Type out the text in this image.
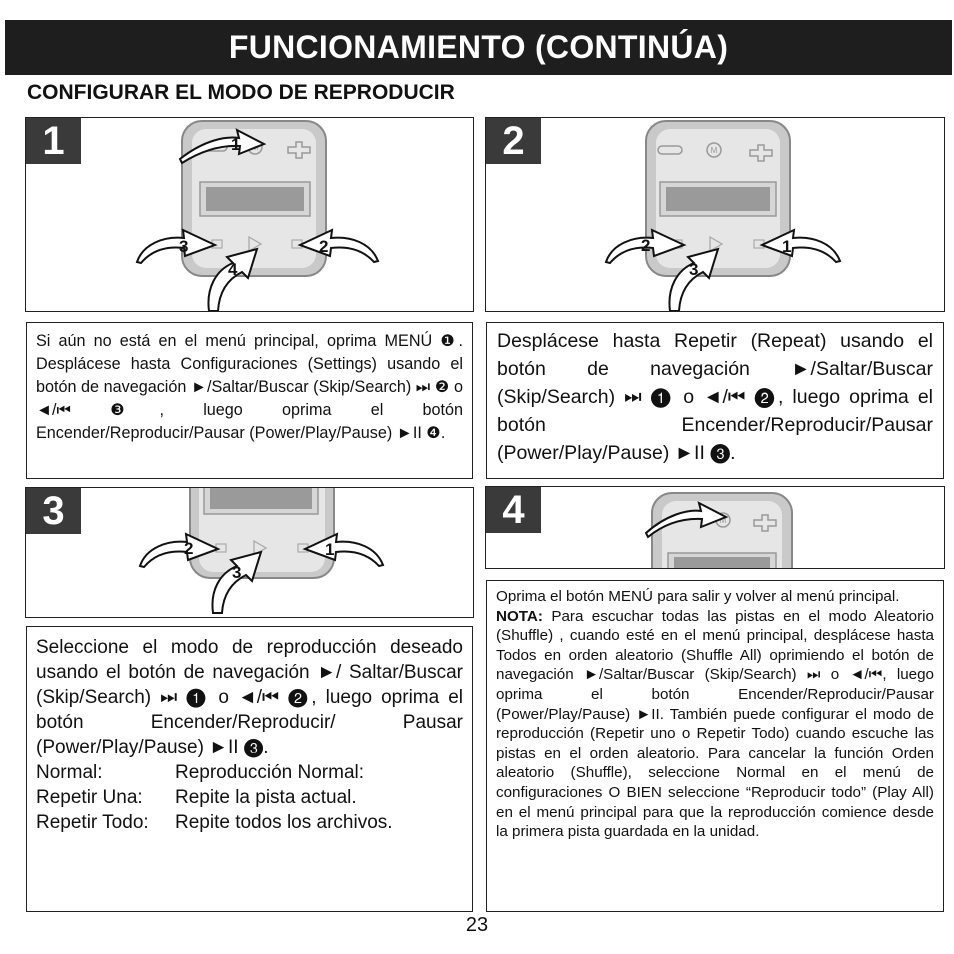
FUNCIONAMIENTO (CONTINÚA)
CONFIGURAR EL MODO DE REPRODUCIR
1	1
2
3
4
2	M
1
2
3
3
1
2
3
4	M

Si aún no está en el menú principal, oprima MENÚ ❶. Desplácese hasta Configuraciones (Settings) usando el botón de navegación ►/Saltar/Buscar (Skip/Search) ⏭ ❷ o ◄/⏮ ❸, luego oprima el botón Encender/Reproducir/Pausar (Power/Play/Pause) ►II ❹.

Desplácese hasta Repetir (Repeat) usando el botón de navegación ►/Saltar/Buscar (Skip/Search) ⏭ ❶ o ◄/⏮ ❷, luego oprima el botón Encender/Reproducir/Pausar (Power/Play/Pause) ►II ❸.

Seleccione el modo de reproducción deseado usando el botón de navegación ►/ Saltar/Buscar (Skip/Search) ⏭ ❶ o ◄/⏮ ❷, luego oprima el botón Encender/Reproducir/ Pausar (Power/Play/Pause) ►II ❸.

Normal:	Reproducción Normal:
Repetir Una:	Repite la pista actual.
Repetir Todo:	Repite todos los archivos.

Oprima el botón MENÚ para salir y volver al menú principal.

NOTA: Para escuchar todas las pistas en el modo Aleatorio (Shuffle) , cuando esté en el menú principal, desplácese hasta Todos en orden aleatorio (Shuffle All) oprimiendo el botón de navegación ►/Saltar/Buscar (Skip/Search) ⏭ o ◄/⏮, luego oprima el botón Encender/Reproducir/Pausar (Power/Play/Pause) ►II. También puede configurar el modo de reproducción (Repetir uno o Repetir Todo) cuando escuche las pistas en el orden aleatorio. Para cancelar la función Orden aleatorio (Shuffle), seleccione Normal en el menú de configuraciones O BIEN seleccione “Reproducir todo” (Play All) en el menú principal para que la reproducción comience desde la primera pista guardada en la unidad.

23
